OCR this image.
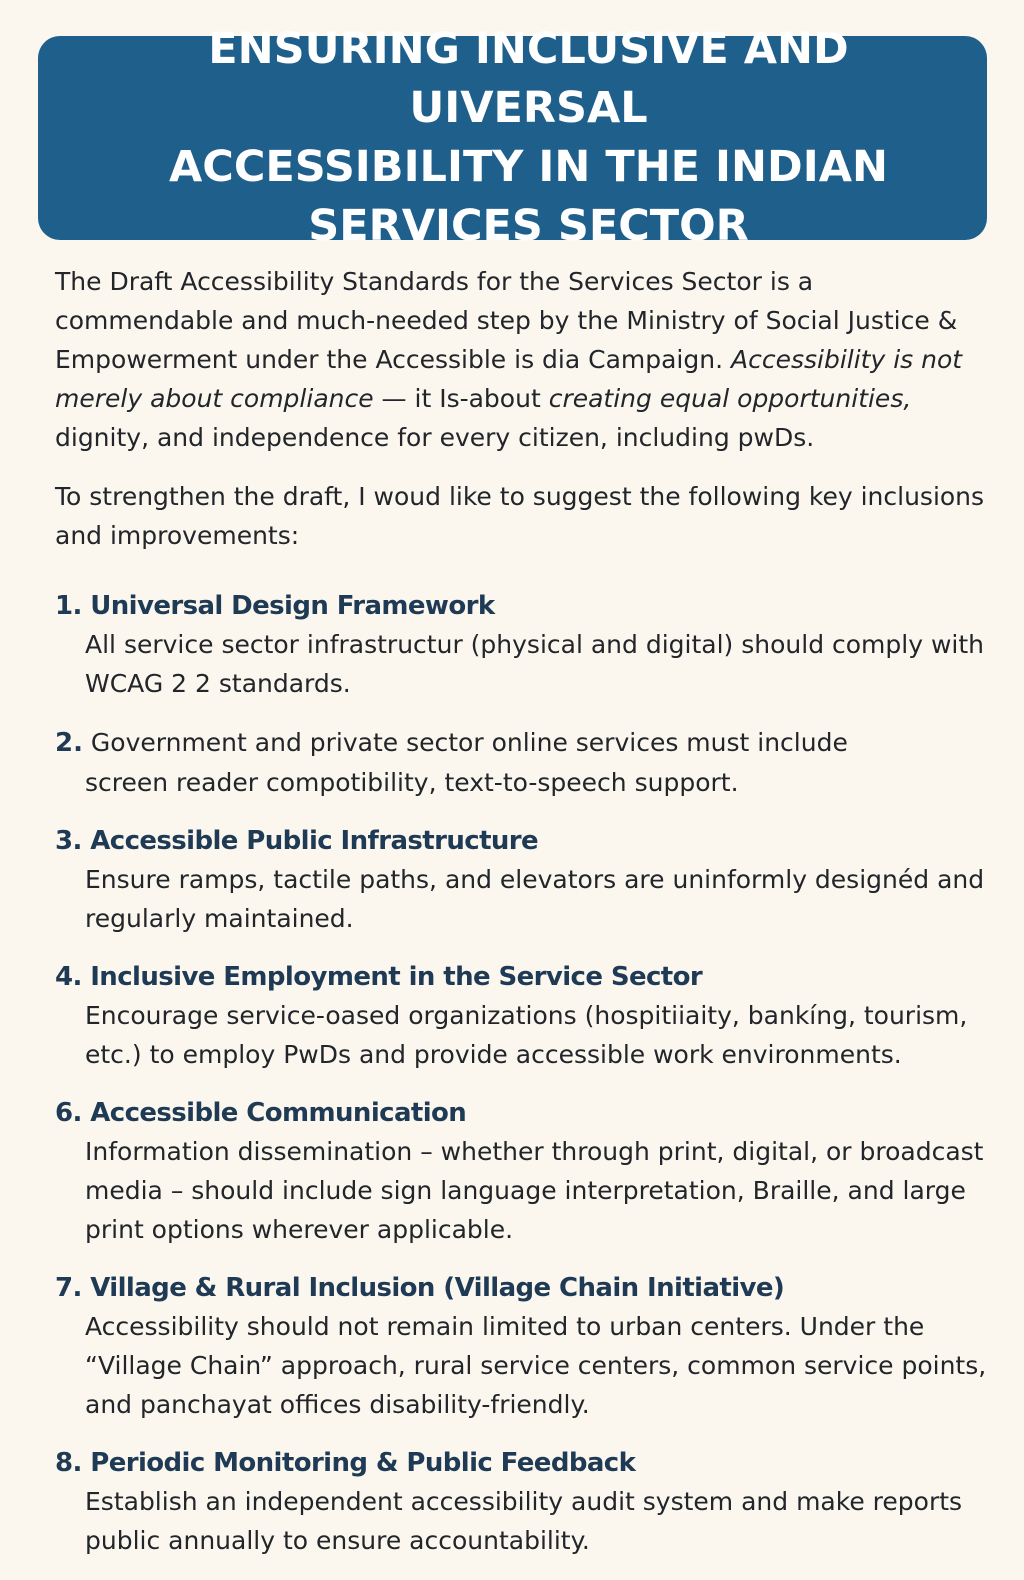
ENSURING INCLUSIVE AND UIVERSAL
ACCESSIBILITY IN THE INDIAN
SERVICES SECTOR

The Draft Accessibility Standards for the Services Sector is a commendable and much-needed step by the Ministry of Social Justice & Empowerment under the Accessible is dia Campaign. Accessibility is not merely about compliance — it Is-about creating equal opportunities, dignity, and independence for every citizen, including pwDs.

To strengthen the draft, I woud like to suggest the following key inclusions and improvements:

1. Universal Design Framework
All service sector infrastructur (physical and digital) should comply with WCAG 2 2 standards.
2. Government and private sector online services must include
screen reader compotibility, text-to-speech support.
3. Accessible Public Infrastructure
Ensure ramps, tactile paths, and elevators are uninformly designéd and regularly maintained.
4. Inclusive Employment in the Service Sector
Encourage service-oased organizations (hospitiiaity, bankíng, tourism, etc.) to employ PwDs and provide accessible work environments.
6. Accessible Communication
Information dissemination – whether through print, digital, or broadcast media – should include sign language interpretation, Braille, and large print options wherever applicable.
7. Village & Rural Inclusion (Village Chain Initiative)
Accessibility should not remain limited to urban centers. Under the “Village Chain” approach, rural service centers, common service points, and panchayat offices disability-friendly.
8. Periodic Monitoring & Public Feedback
Establish an independent accessibility audit system and make reports public annually to ensure accountability.
